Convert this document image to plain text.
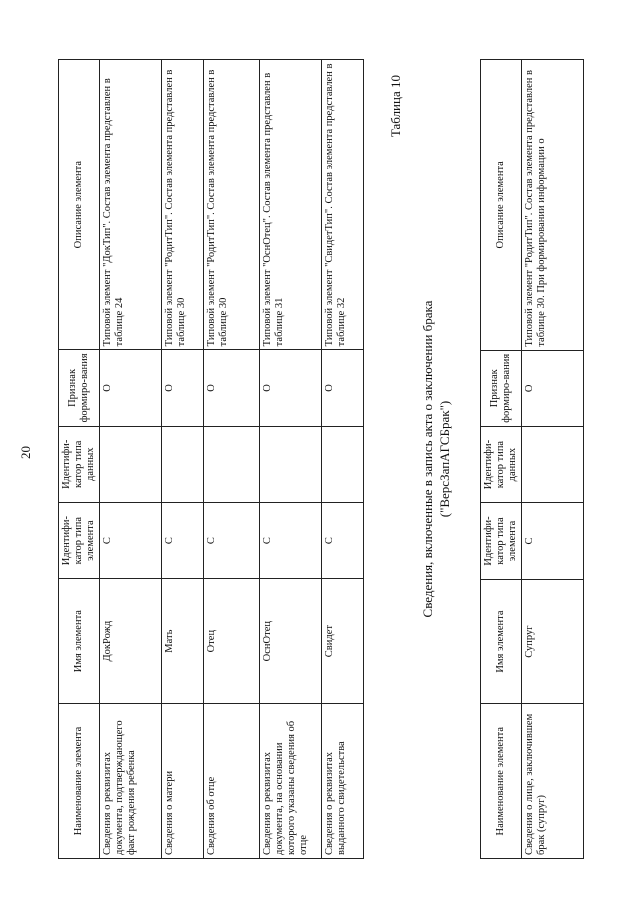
20
Наименование элемента	Имя элемента	Идентифи-катор типа элемента	Идентифи-катор типа данных	Признак формиро-вания	Описание элемента
Сведения о реквизитах документа, подтверждающего факт рождения ребенка	ДокРожд	С		О	Типовой элемент "ДокТип". Состав элемента представлен в таблице 24
Сведения о матери	Мать	С		О	Типовой элемент "РодитТип". Состав элемента представлен в таблице 30
Сведения об отце	Отец	С		О	Типовой элемент "РодитТип". Состав элемента представлен в таблице 30
Сведения о реквизитах документа, на основании которого указаны сведения об отце	ОснОтец	С		О	Типовой элемент "ОснОтец". Состав элемента представлен в таблице 31
Сведения о реквизитах выданного свидетельства	Свидет	С		О	Типовой элемент "СвидетТип". Состав элемента представлен в таблице 32
Таблица 10
Сведения, включенные в запись акта о заключении брака ("ВерсЗапАГСБрак")
Наименование элемента	Имя элемента	Идентифи-катор типа элемента	Идентифи-катор типа данных	Признак формиро-вания	Описание элемента
Сведения о лице, заключившем брак (супруг)	Супруг	С		О	Типовой элемент "РодитТип". Состав элемента представлен в таблице 30. При формировании информации о
